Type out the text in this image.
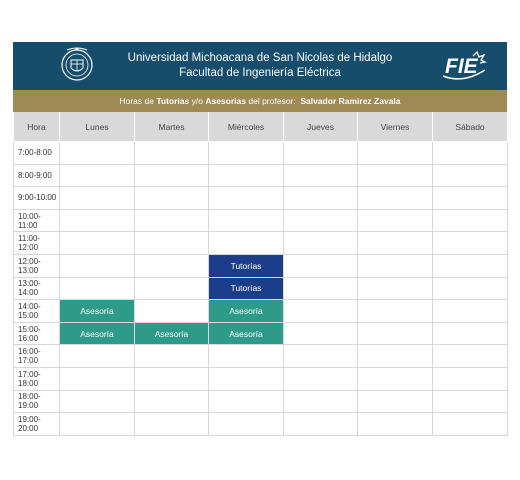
Universidad Michoacana de San Nicolas de Hidalgo
Facultad de Ingeniería Eléctrica	FIE
Horas de Tutorias y/o Asesorias del profesor: Salvador Ramirez Zavala
Hora	Lunes	Martes	Miércoles	Jueves	Viernes	Sábado
7:00-8:00						
8:00-9:00						
9:00-10:00						
10:00-11:00						
11:00-12:00						
12:00-13:00			Tutorías			
13:00-14:00			Tutorías			
14:00-15:00	Asesoría		Asesoría			
15:00-16:00	Asesoría	Asesoría	Asesoría			
16:00-17:00						
17:00-18:00						
18:00-19:00						
19:00-20:00						
